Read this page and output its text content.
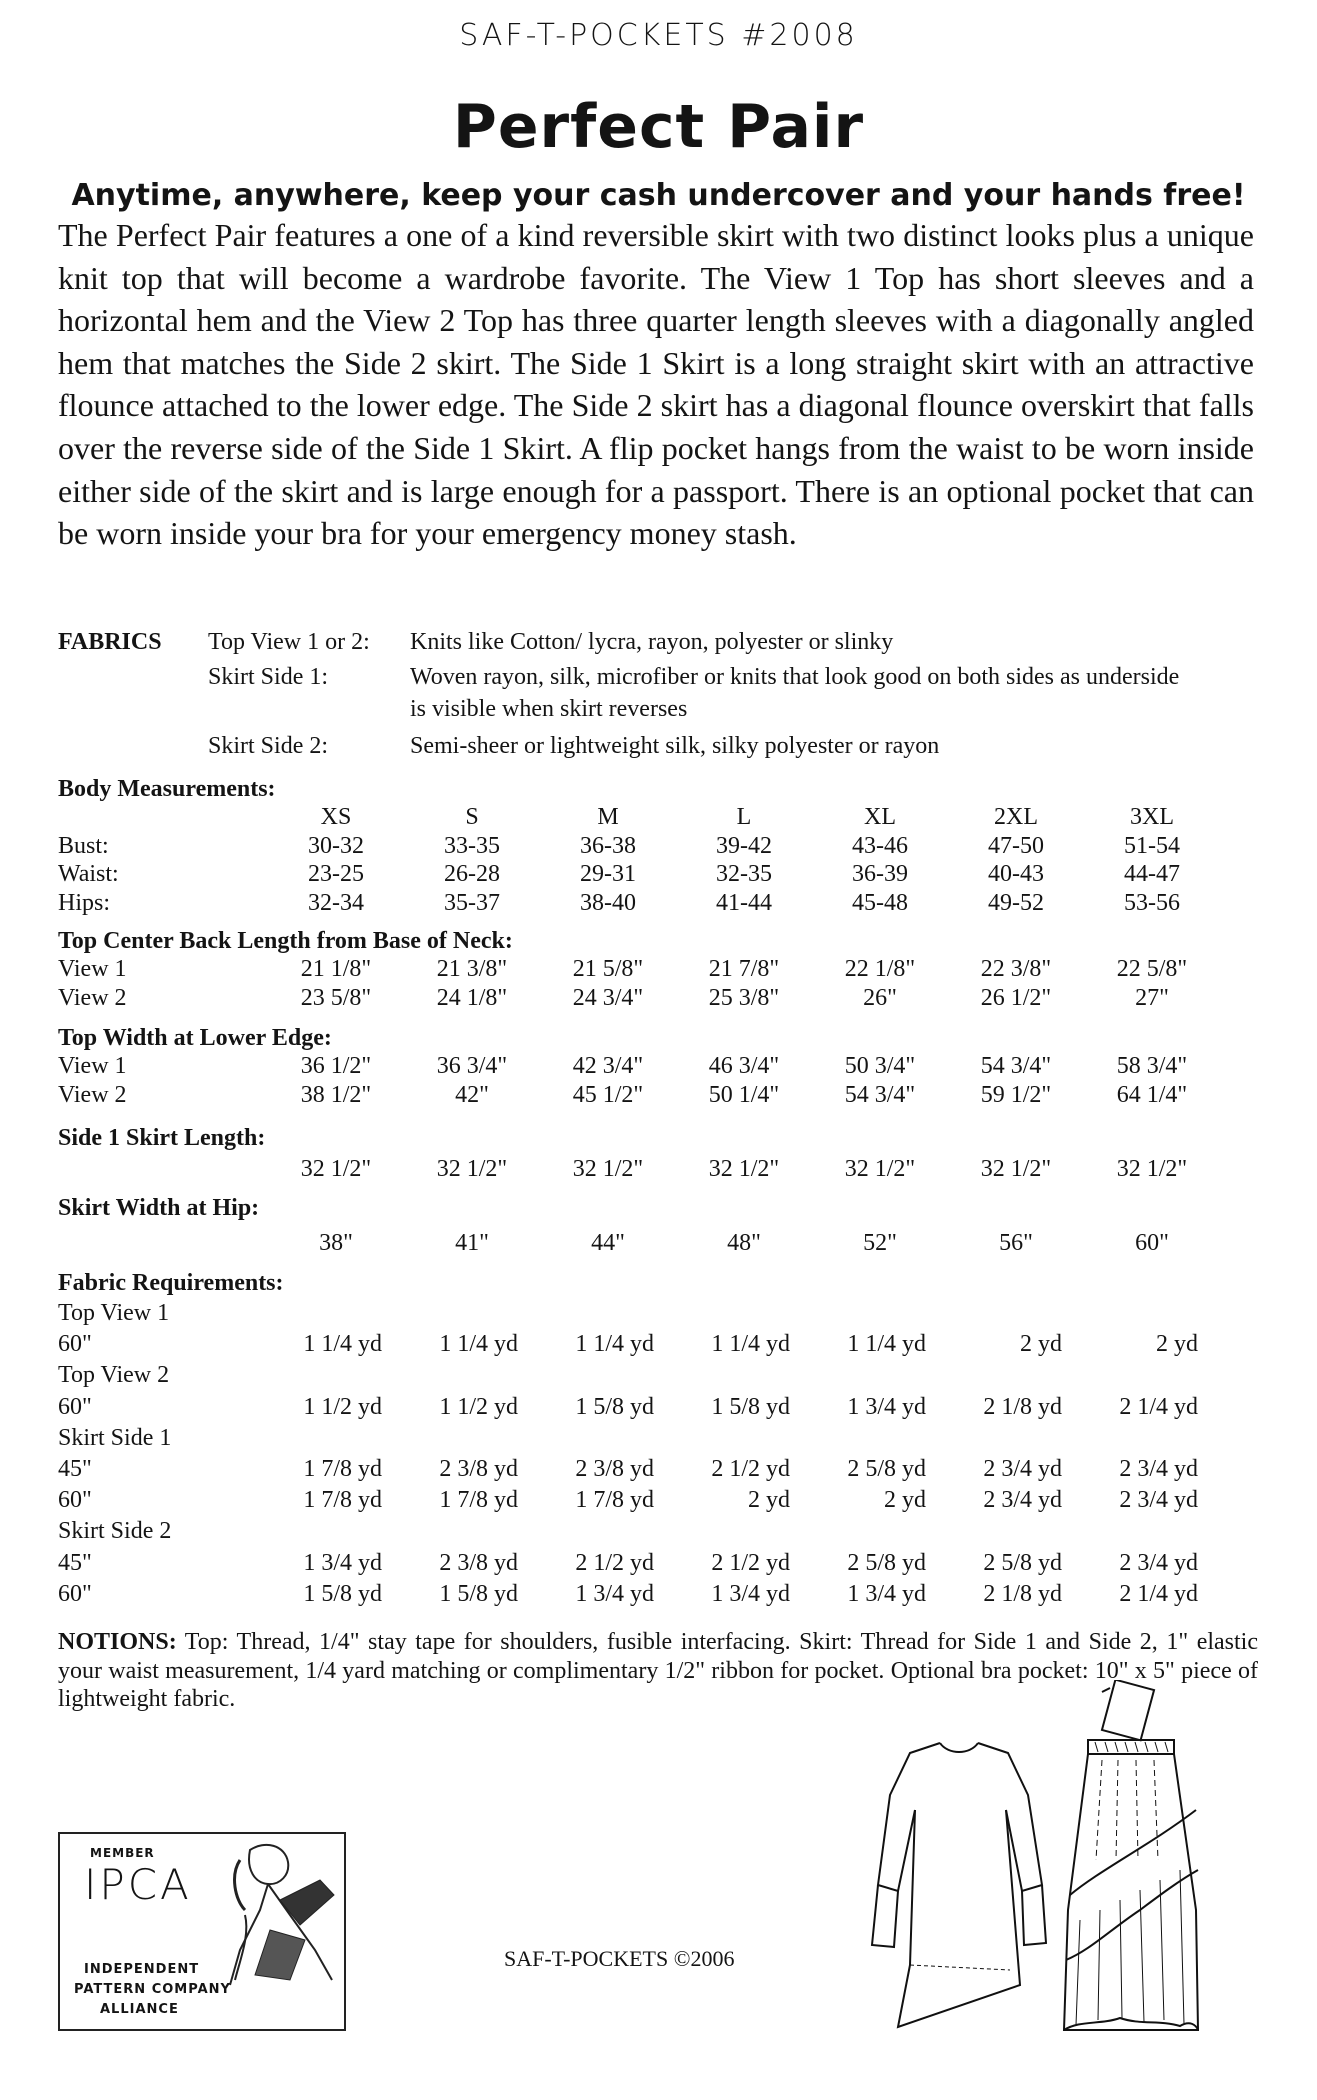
SAF-T-POCKETS #2008
Perfect Pair
Anytime, anywhere, keep your cash undercover and your hands free!
The Perfect Pair features a one of a kind reversible skirt with two distinct looks plus a unique knit top that will become a wardrobe favorite. The View 1 Top has short sleeves and a horizontal hem and the View 2 Top has three quarter length sleeves with a diagonally angled hem that matches the Side 2 skirt. The Side 1 Skirt is a long straight skirt with an attractive flounce attached to the lower edge. The Side 2 skirt has a diagonal flounce overskirt that falls over the reverse side of the Side 1 Skirt. A flip pocket hangs from the waist to be worn inside either side of the skirt and is large enough for a passport. There is an optional pocket that can be worn inside your bra for your emergency money stash.
FABRICS Top View 1 or 2: Knits like Cotton/ lycra, rayon, polyester or slinky
Skirt Side 1:	Woven rayon, silk, microfiber or knits that look good on both sides as underside
is visible when skirt reverses
Skirt Side 2:	Semi-sheer or lightweight silk, silky polyester or rayon
Body Measurements:
XS	S	M	L	XL	2XL	3XL
Bust:	30-32	33-35	36-38	39-42	43-46	47-50	51-54
Waist:	23-25	26-28	29-31	32-35	36-39	40-43	44-47
Hips:	32-34	35-37	38-40	41-44	45-48	49-52	53-56
Top Center Back Length from Base of Neck:
View 1	21 1/8"	21 3/8"	21 5/8"	21 7/8"	22 1/8"	22 3/8"	22 5/8"
View 2	23 5/8"	24 1/8"	24 3/4"	25 3/8"	26"	26 1/2"	27"
Top Width at Lower Edge:
View 1	36 1/2"	36 3/4"	42 3/4"	46 3/4"	50 3/4"	54 3/4"	58 3/4"
View 2	38 1/2"	42"	45 1/2"	50 1/4"	54 3/4"	59 1/2"	64 1/4"
Side 1 Skirt Length:
32 1/2"	32 1/2"	32 1/2"	32 1/2"	32 1/2"	32 1/2"	32 1/2"
Skirt Width at Hip:
38"	41"	44"	48"	52"	56"	60"
Fabric Requirements:
Top View 1
60"	1 1/4 yd	1 1/4 yd	1 1/4 yd	1 1/4 yd	1 1/4 yd	2 yd	2 yd
Top View 2
60"	1 1/2 yd	1 1/2 yd	1 5/8 yd	1 5/8 yd	1 3/4 yd	2 1/8 yd	2 1/4 yd
Skirt Side 1
45"	1 7/8 yd	2 3/8 yd	2 3/8 yd	2 1/2 yd	2 5/8 yd	2 3/4 yd	2 3/4 yd
60"	1 7/8 yd	1 7/8 yd	1 7/8 yd	2 yd	2 yd	2 3/4 yd	2 3/4 yd
Skirt Side 2
45"	1 3/4 yd	2 3/8 yd	2 1/2 yd	2 1/2 yd	2 5/8 yd	2 5/8 yd	2 3/4 yd
60"	1 5/8 yd	1 5/8 yd	1 3/4 yd	1 3/4 yd	1 3/4 yd	2 1/8 yd	2 1/4 yd
NOTIONS: Top: Thread, 1/4" stay tape for shoulders, fusible interfacing. Skirt: Thread for Side 1 and Side 2, 1" elastic your waist measurement, 1/4 yard matching or complimentary 1/2" ribbon for pocket. Optional bra pocket: 10" x 5" piece of lightweight fabric.
MEMBER
IPCA
INDEPENDENT
PATTERN COMPANY
ALLIANCE
SAF-T-POCKETS ©2006
